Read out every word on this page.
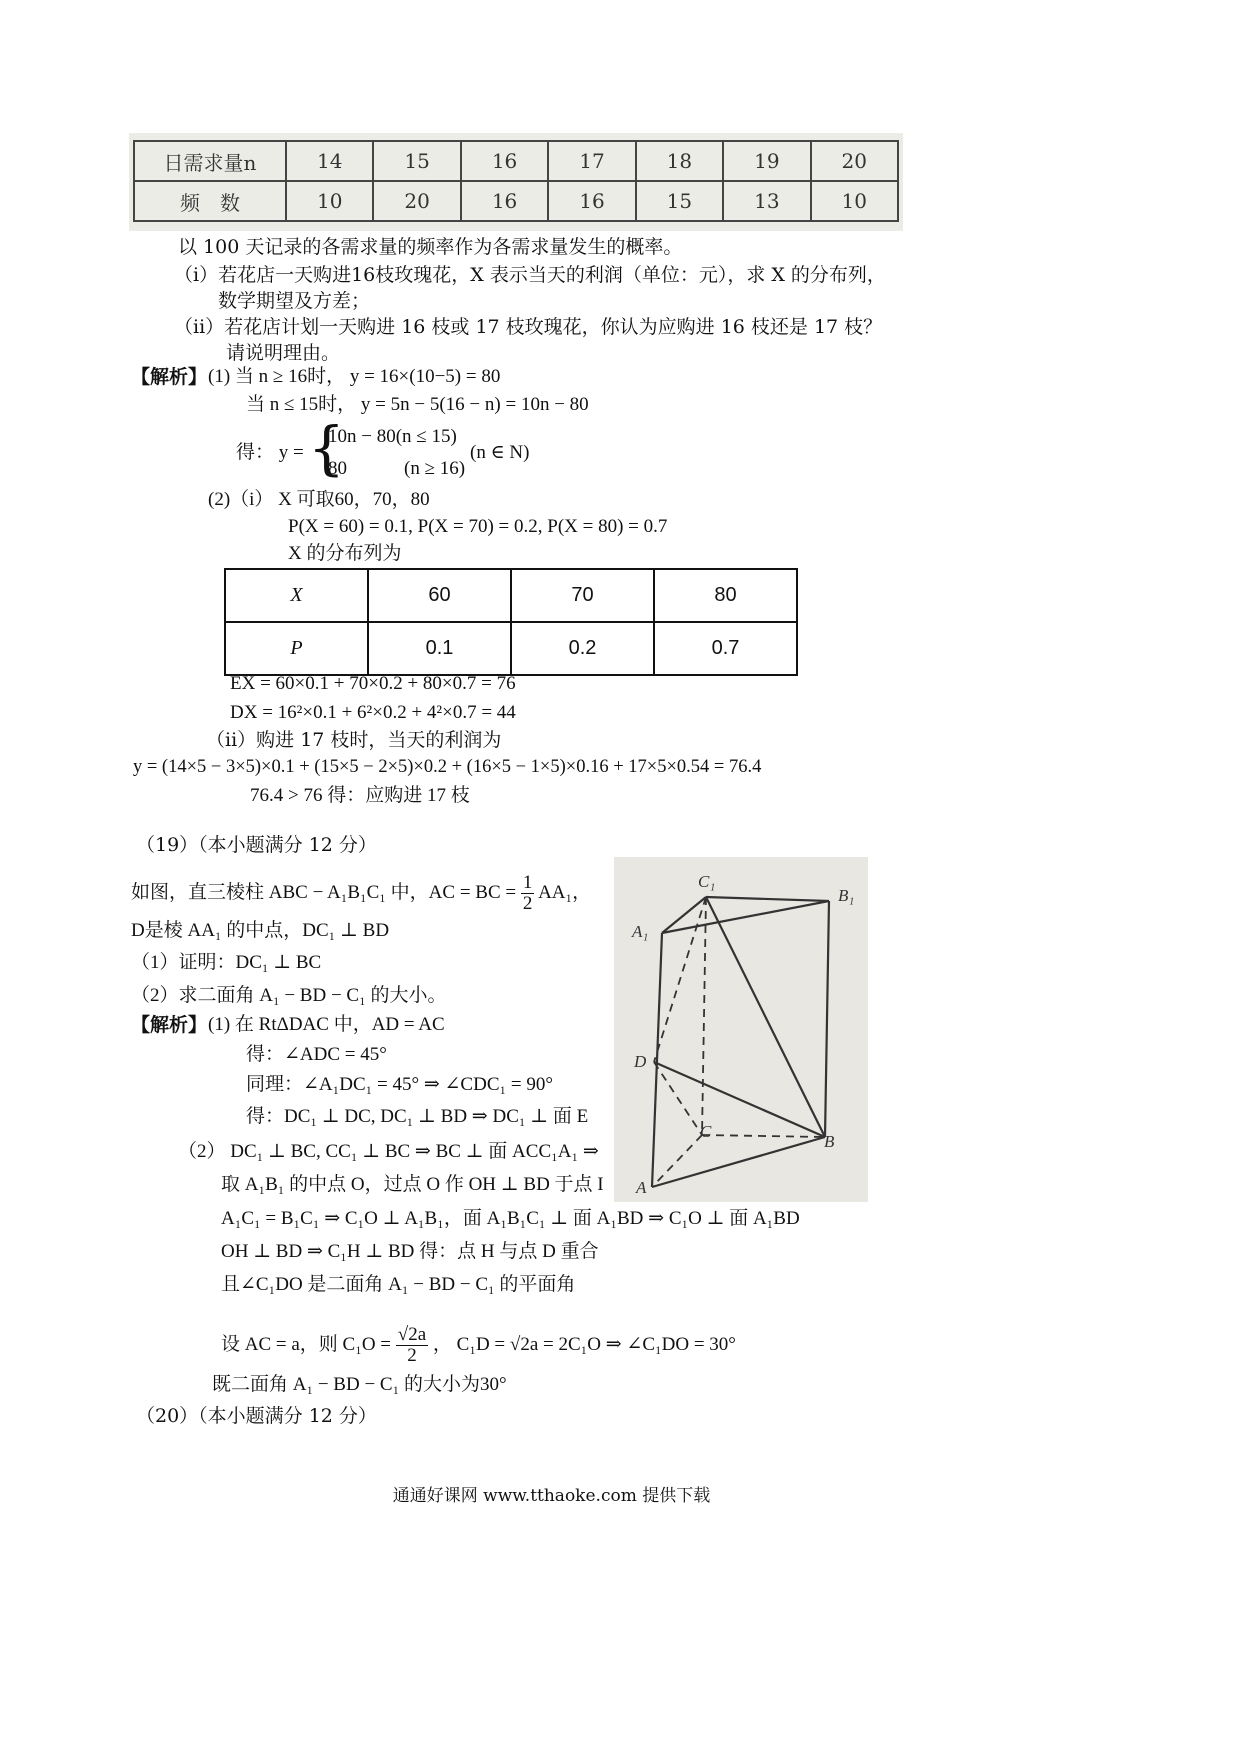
日需求量n	14	15	16	17	18	19	20
频　数	10	20	16	16	15	13	10
以 100 天记录的各需求量的频率作为各需求量发生的概率。
（i）若花店一天购进16枝玫瑰花，X 表示当天的利润（单位：元），求 X 的分布列，
数学期望及方差；
（ii）若花店计划一天购进 16 枝或 17 枝玫瑰花，你认为应购进 16 枝还是 17 枝？
请说明理由。
【解析】 (1) 当 n ≥ 16时， y = 16×(10−5) = 80
当 n ≤ 15时， y = 5n − 5(16 − n) = 10n − 80
得： y = {
10n − 80(n ≤ 15)
80　　　(n ≥ 16)
(n ∈ N)
(2)（i） X 可取60，70，80
P(X = 60) = 0.1, P(X = 70) = 0.2, P(X = 80) = 0.7
X 的分布列为
X	60	70	80
P	0.1	0.2	0.7
EX = 60×0.1 + 70×0.2 + 80×0.7 = 76
DX = 16²×0.1 + 6²×0.2 + 4²×0.7 = 44
（ii）购进 17 枝时，当天的利润为
y = (14×5 − 3×5)×0.1 + (15×5 − 2×5)×0.2 + (16×5 − 1×5)×0.16 + 17×5×0.54 = 76.4
76.4 > 76 得：应购进 17 枝
（19）（本小题满分 12 分）
如图，直三棱柱 ABC − A₁B₁C₁ 中，AC = BC = $\frac{1}{2} AA_1$，
D是棱 AA₁ 的中点，DC₁ ⊥ BD
（1）证明：DC₁ ⊥ BC
（2）求二面角 A₁ − BD − C₁ 的大小。
【解析】 (1) 在 RtΔDAC 中，AD = AC
得：∠ADC = 45°
同理：∠A₁DC₁ = 45° ⇒ ∠CDC₁ = 90°
得：DC₁ ⊥ DC, DC₁ ⊥ BD ⇒ DC₁ ⊥ 面 E
（2） DC₁ ⊥ BC, CC₁ ⊥ BC ⇒ BC ⊥ 面 ACC₁A₁ ⇒
C₁
B₁
A₁
D
C
B
A
取 A₁B₁ 的中点 O，过点 O 作 OH ⊥ BD 于点 I
A₁C₁ = B₁C₁ ⇒ C₁O ⊥ A₁B₁，面 A₁B₁C₁ ⊥ 面 A₁BD ⇒ C₁O ⊥ 面 A₁BD
OH ⊥ BD ⇒ C₁H ⊥ BD 得：点 H 与点 D 重合
且∠C₁DO 是二面角 A₁ − BD − C₁ 的平面角
设 AC = a，则 $C_1O = \frac{√2a}{2}$ ， C₁D = √2a = 2C₁O ⇒ ∠C₁DO = 30°
既二面角 A₁ − BD − C₁ 的大小为30°
（20）（本小题满分 12 分）
通通好课网 www.tthaoke.com 提供下载
